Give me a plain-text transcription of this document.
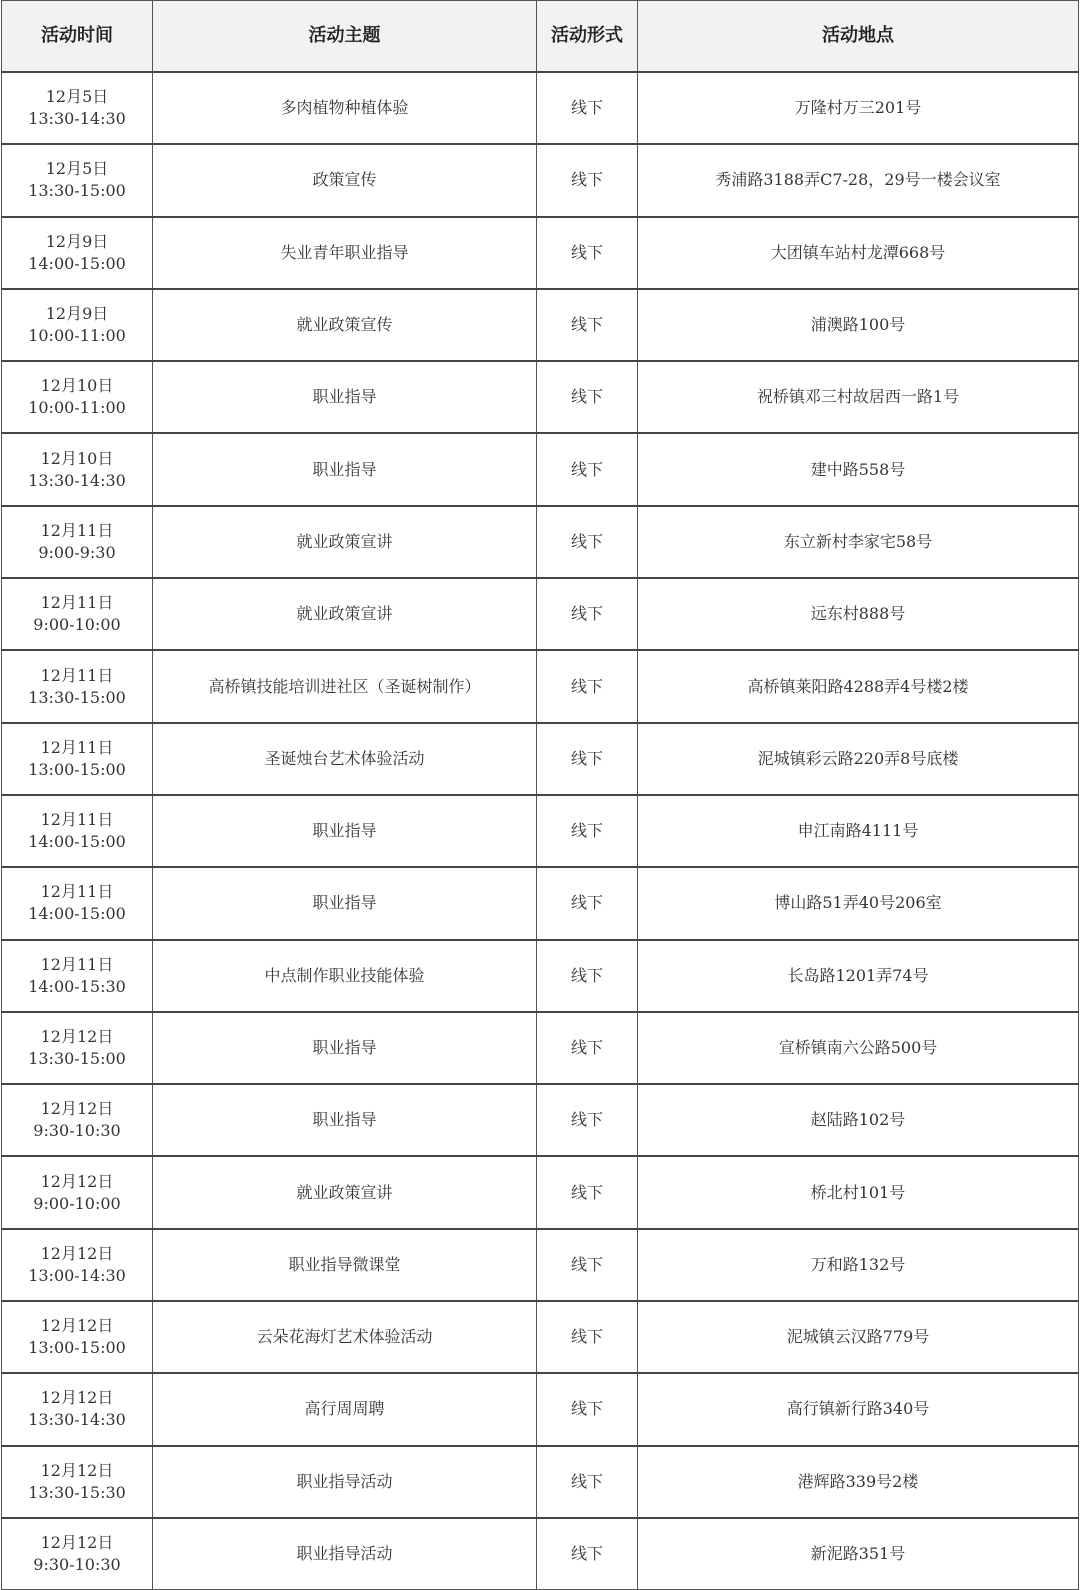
活动时间	活动主题	活动形式	活动地点

12月5日
13:30-14:30	多肉植物种植体验	线下	万隆村万三201号

12月5日
13:30-15:00	政策宣传	线下	秀浦路3188弄C7-28，29号一楼会议室

12月9日
14:00-15:00	失业青年职业指导	线下	大团镇车站村龙潭668号

12月9日
10:00-11:00	就业政策宣传	线下	浦澳路100号

12月10日
10:00-11:00	职业指导	线下	祝桥镇邓三村故居西一路1号

12月10日
13:30-14:30	职业指导	线下	建中路558号

12月11日
9:00-9:30	就业政策宣讲	线下	东立新村李家宅58号

12月11日
9:00-10:00	就业政策宣讲	线下	远东村888号

12月11日
13:30-15:00	高桥镇技能培训进社区（圣诞树制作）	线下	高桥镇莱阳路4288弄4号楼2楼

12月11日
13:00-15:00	圣诞烛台艺术体验活动	线下	泥城镇彩云路220弄8号底楼

12月11日
14:00-15:00	职业指导	线下	申江南路4111号

12月11日
14:00-15:00	职业指导	线下	博山路51弄40号206室

12月11日
14:00-15:30	中点制作职业技能体验	线下	长岛路1201弄74号

12月12日
13:30-15:00	职业指导	线下	宣桥镇南六公路500号

12月12日
9:30-10:30	职业指导	线下	赵陆路102号

12月12日
9:00-10:00	就业政策宣讲	线下	桥北村101号

12月12日
13:00-14:30	职业指导微课堂	线下	万和路132号

12月12日
13:00-15:00	云朵花海灯艺术体验活动	线下	泥城镇云汉路779号

12月12日
13:30-14:30	高行周周聘	线下	高行镇新行路340号

12月12日
13:30-15:30	职业指导活动	线下	港辉路339号2楼

12月12日
9:30-10:30	职业指导活动	线下	新泥路351号
